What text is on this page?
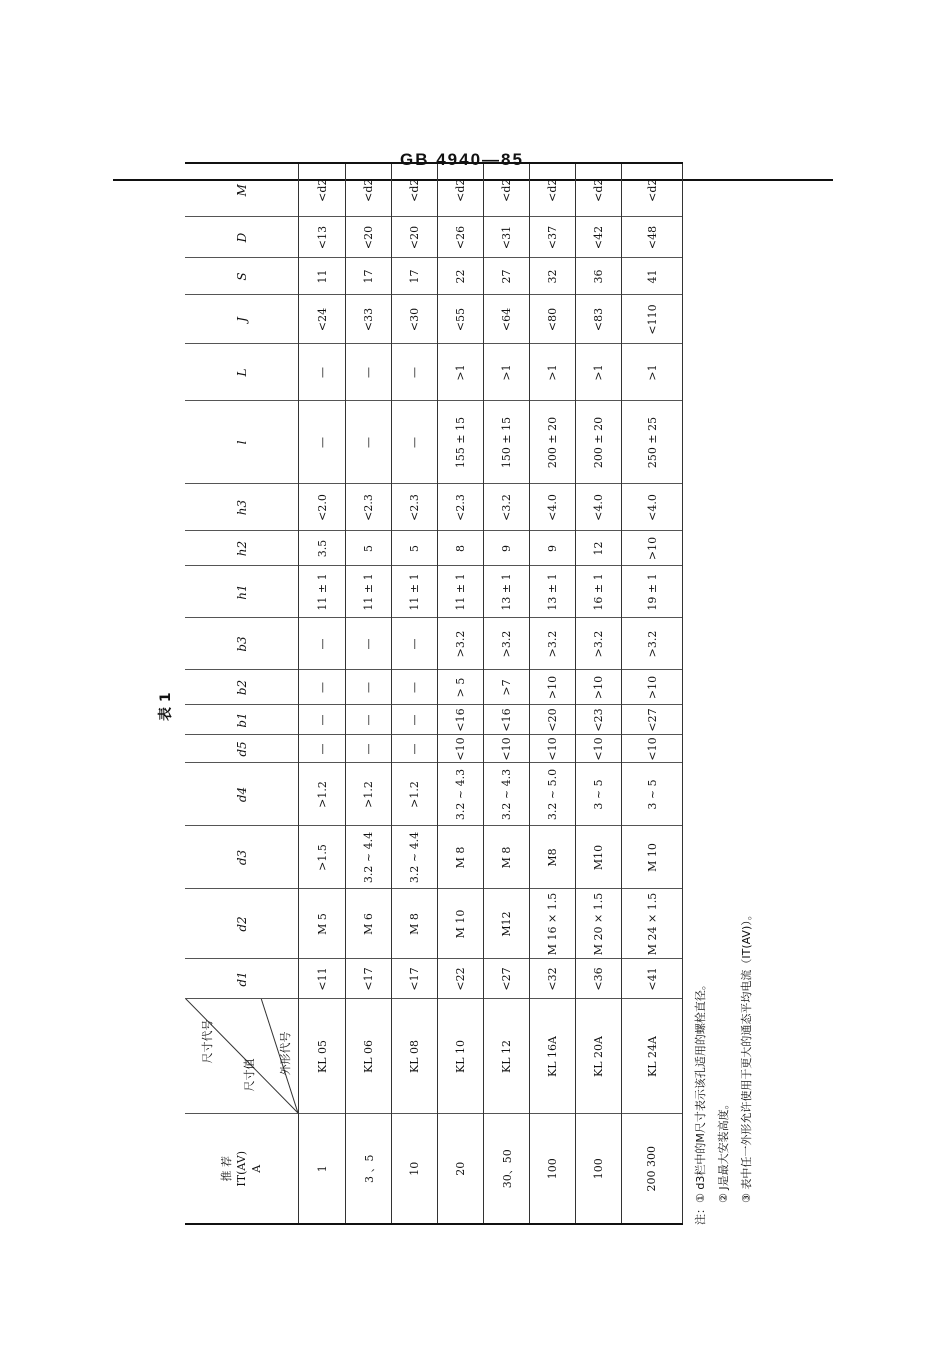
GB 4940—85
表 1
推 荐 IT(AV) A	尺寸代号
尺寸值 外形代号	d1	d2	d3	d4	d5	b1	b2	b3	h1	h2	h3	l	L	J	S	D	M
1	KL 05	<11	M 5	>1.5	>1.2	—	—	—	—	11 ± 1	3.5	<2.0	—	—	<24	11	<13	<d2
3 、5	KL 06	<17	M 6	3.2 ~ 4.4	>1.2	—	—	—	—	11 ± 1	5	<2.3	—	—	<33	17	<20	<d2
10	KL 08	<17	M 8	3.2 ~ 4.4	>1.2	—	—	—	—	11 ± 1	5	<2.3	—	—	<30	17	<20	<d2
20	KL 10	<22	M 10	M 8	3.2 ~ 4.3	<10	<16	> 5	>3.2	11 ± 1	8	<2.3	155 ± 15	>1	<55	22	<26	<d2
30、50	KL 12	<27	M12	M 8	3.2 ~ 4.3	<10	<16	>7	>3.2	13 ± 1	9	<3.2	150 ± 15	>1	<64	27	<31	<d2
100	KL 16A	<32	M 16 × 1.5	M8	3.2 ~ 5.0	<10	<20	>10	>3.2	13 ± 1	9	<4.0	200 ± 20	>1	<80	32	<37	<d2
100	KL 20A	<36	M 20 × 1.5	M10	3 ~ 5	<10	<23	>10	>3.2	16 ± 1	12	<4.0	200 ± 20	>1	<83	36	<42	<d2
200 300	KL 24A	<41	M 24 × 1.5	M 10	3 ~ 5	<10	<27	>10	>3.2	19 ± 1	>10	<4.0	250 ± 25	>1	<110	41	<48	<d2
注：① d3栏中的M尺寸表示该孔适用的螺栓直径。 ② J是最大安装高度。 ③ 表中任一外形允许使用于更大的通态平均电流（IT(AV)）。
